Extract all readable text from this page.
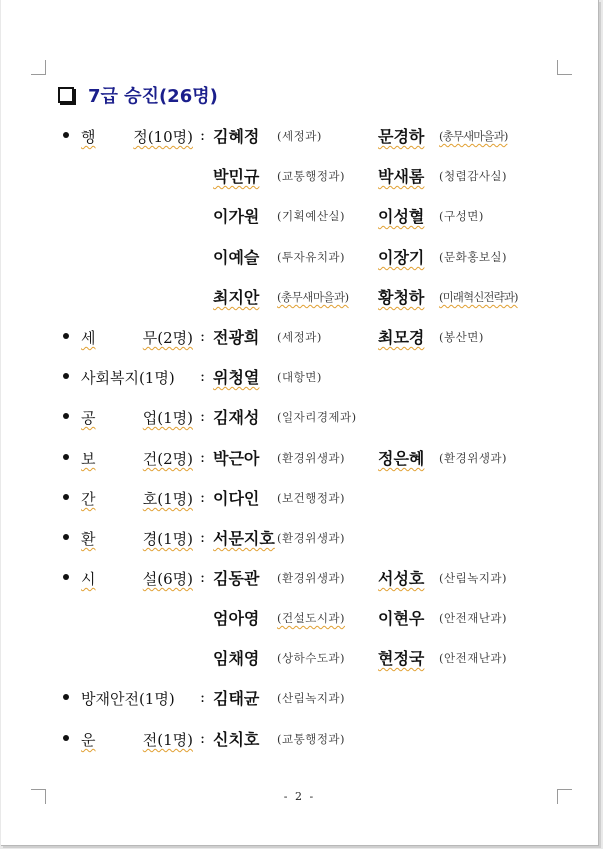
7급 승진(26명)
행	정(10명) : 김혜정 (세정과)	문경하 (총무새마을과)
박민규 (교통행정과) 박새롬 (청렴감사실)
이가원 (기획예산실) 이성혈 (구성면)
이예슬 (투자유치과) 이장기 (문화홍보실)
최지안 (총무새마을과) 황청하 (미래혁신전략과)
세	무(2명) : 전광희 (세정과)	최모경 (봉산면)
사회복지(1명) : 위청열 (대항면)
공	업(1명) : 김재성 (일자리경제과)
보	건(2명) : 박근아 (환경위생과) 정은혜 (환경위생과)
간	호(1명) : 이다인 (보건행정과)
환	경(1명) : 서문지호 (환경위생과)
시	설(6명) : 김동관 (환경위생과) 서성호 (산림녹지과)
엄아영 (건설도시과) 이현우 (안전재난과)
임채영 (상하수도과) 현정국 (안전재난과)
방재안전(1명) : 김태균 (산림녹지과)
운	전(1명) : 신치호 (교통행정과)
- 2 -
